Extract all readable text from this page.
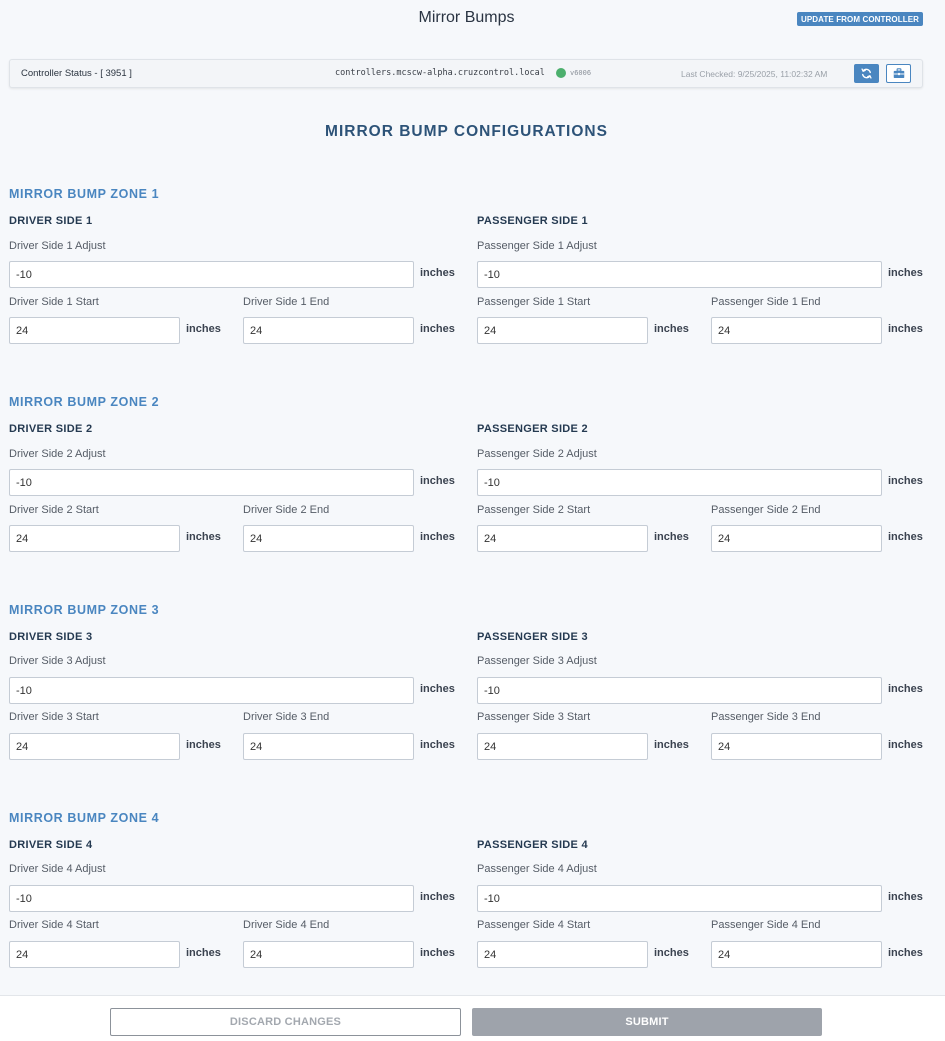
Mirror Bumps	UPDATE FROM CONTROLLER
Controller Status - [ 3951 ]	controllers.mcscw-alpha.cruzcontrol.local	v6006	Last Checked: 9/25/2025, 11:02:32 AM
MIRROR BUMP CONFIGURATIONS
MIRROR BUMP ZONE 1
DRIVER SIDE 1
Driver Side 1 Adjust
-10	inches
Driver Side 1 Start
24	inches
Driver Side 1 End
24	inches
PASSENGER SIDE 1
Passenger Side 1 Adjust
-10	inches
Passenger Side 1 Start
24	inches
Passenger Side 1 End
24	inches
MIRROR BUMP ZONE 2
DRIVER SIDE 2
Driver Side 2 Adjust
-10	inches
Driver Side 2 Start
24	inches
Driver Side 2 End
24	inches
PASSENGER SIDE 2
Passenger Side 2 Adjust
-10	inches
Passenger Side 2 Start
24	inches
Passenger Side 2 End
24	inches
MIRROR BUMP ZONE 3
DRIVER SIDE 3
Driver Side 3 Adjust
-10	inches
Driver Side 3 Start
24	inches
Driver Side 3 End
24	inches
PASSENGER SIDE 3
Passenger Side 3 Adjust
-10	inches
Passenger Side 3 Start
24	inches
Passenger Side 3 End
24	inches
MIRROR BUMP ZONE 4
DRIVER SIDE 4
Driver Side 4 Adjust
-10	inches
Driver Side 4 Start
24	inches
Driver Side 4 End
24	inches
PASSENGER SIDE 4
Passenger Side 4 Adjust
-10	inches
Passenger Side 4 Start
24	inches
Passenger Side 4 End
24	inches
DISCARD CHANGES	SUBMIT
